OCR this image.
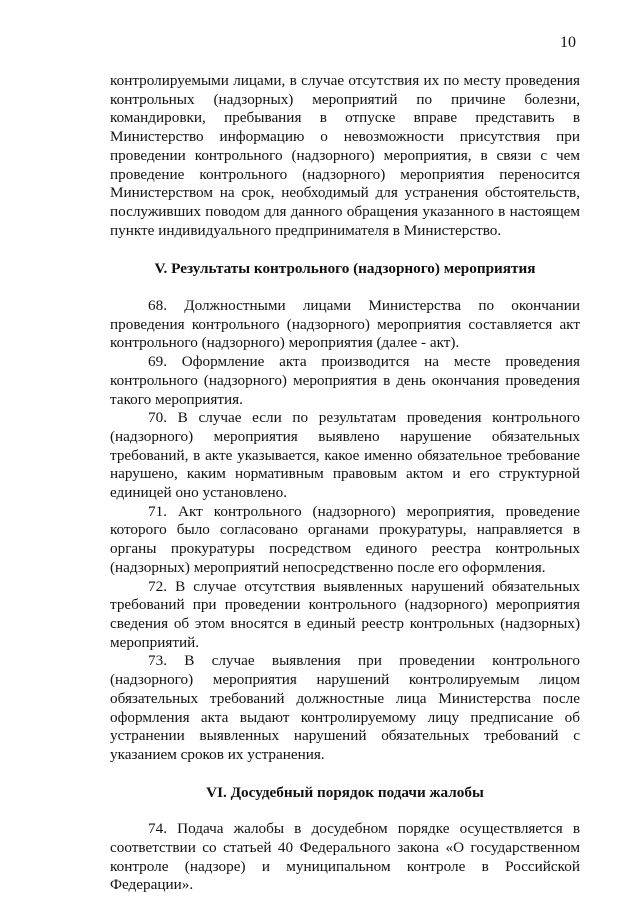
10

контролируемыми лицами, в случае отсутствия их по месту проведения контрольных (надзорных) мероприятий по причине болезни, командировки, пребывания в отпуске вправе представить в Министерство информацию о невозможности присутствия при проведении контрольного (надзорного) мероприятия, в связи с чем проведение контрольного (надзорного) мероприятия переносится Министерством на срок, необходимый для устранения обстоятельств, послуживших поводом для данного обращения указанного в настоящем пункте индивидуального предпринимателя в Министерство.

V. Результаты контрольного (надзорного) мероприятия

68. Должностными лицами Министерства по окончании проведения контрольного (надзорного) мероприятия составляется акт контрольного (надзорного) мероприятия (далее - акт).

69. Оформление акта производится на месте проведения контрольного (надзорного) мероприятия в день окончания проведения такого мероприятия.

70. В случае если по результатам проведения контрольного (надзорного) мероприятия выявлено нарушение обязательных требований, в акте указывается, какое именно обязательное требование нарушено, каким нормативным правовым актом и его структурной единицей оно установлено.

71. Акт контрольного (надзорного) мероприятия, проведение которого было согласовано органами прокуратуры, направляется в органы прокуратуры посредством единого реестра контрольных (надзорных) мероприятий непосредственно после его оформления.

72. В случае отсутствия выявленных нарушений обязательных требований при проведении контрольного (надзорного) мероприятия сведения об этом вносятся в единый реестр контрольных (надзорных) мероприятий.

73. В случае выявления при проведении контрольного (надзорного) мероприятия нарушений контролируемым лицом обязательных требований должностные лица Министерства после оформления акта выдают контролируемому лицу предписание об устранении выявленных нарушений обязательных требований с указанием сроков их устранения.

VI. Досудебный порядок подачи жалобы

74. Подача жалобы в досудебном порядке осуществляется в соответствии со статьей 40 Федерального закона «О государственном контроле (надзоре) и муниципальном контроле в Российской Федерации».
